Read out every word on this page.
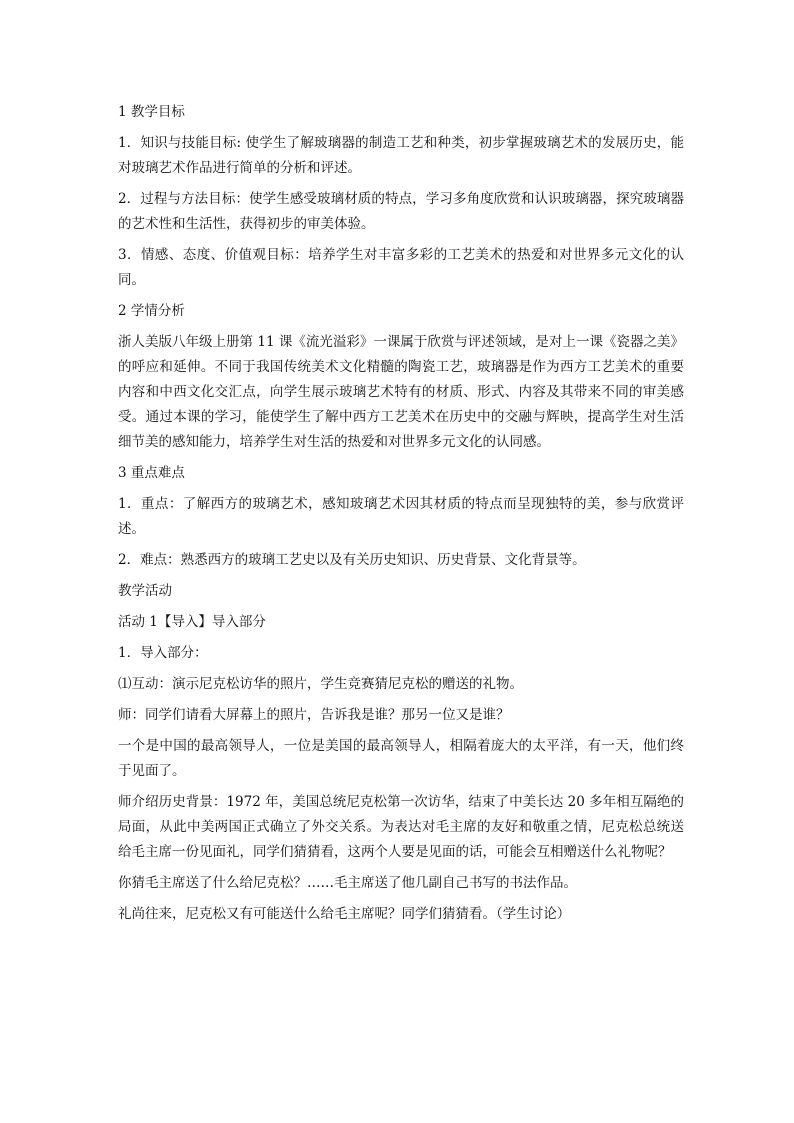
1 教学目标

1．知识与技能目标: 使学生了解玻璃器的制造工艺和种类，初步掌握玻璃艺术的发展历史，能对玻璃艺术作品进行简单的分析和评述。

2．过程与方法目标：使学生感受玻璃材质的特点，学习多角度欣赏和认识玻璃器，探究玻璃器的艺术性和生活性，获得初步的审美体验。

3．情感、态度、价值观目标：培养学生对丰富多彩的工艺美术的热爱和对世界多元文化的认同。

2 学情分析

浙人美版八年级上册第 11 课《流光溢彩》一课属于欣赏与评述领域，是对上一课《瓷器之美》的呼应和延伸。不同于我国传统美术文化精髓的陶瓷工艺，玻璃器是作为西方工艺美术的重要内容和中西文化交汇点，向学生展示玻璃艺术特有的材质、形式、内容及其带来不同的审美感受。通过本课的学习，能使学生了解中西方工艺美术在历史中的交融与辉映，提高学生对生活细节美的感知能力，培养学生对生活的热爱和对世界多元文化的认同感。

3 重点难点

1．重点：了解西方的玻璃艺术，感知玻璃艺术因其材质的特点而呈现独特的美，参与欣赏评述。

2．难点：熟悉西方的玻璃工艺史以及有关历史知识、历史背景、文化背景等。

教学活动

活动 1【导入】导入部分

1．导入部分：

⑴互动：演示尼克松访华的照片，学生竞赛猜尼克松的赠送的礼物。

师：同学们请看大屏幕上的照片，告诉我是谁？那另一位又是谁？

一个是中国的最高领导人，一位是美国的最高领导人，相隔着庞大的太平洋，有一天，他们终于见面了。

师介绍历史背景：1972 年，美国总统尼克松第一次访华，结束了中美长达 20 多年相互隔绝的局面，从此中美两国正式确立了外交关系。为表达对毛主席的友好和敬重之情，尼克松总统送给毛主席一份见面礼，同学们猜猜看，这两个人要是见面的话，可能会互相赠送什么礼物呢？

你猜毛主席送了什么给尼克松？……毛主席送了他几副自己书写的书法作品。

礼尚往来，尼克松又有可能送什么给毛主席呢？同学们猜猜看。（学生讨论）
